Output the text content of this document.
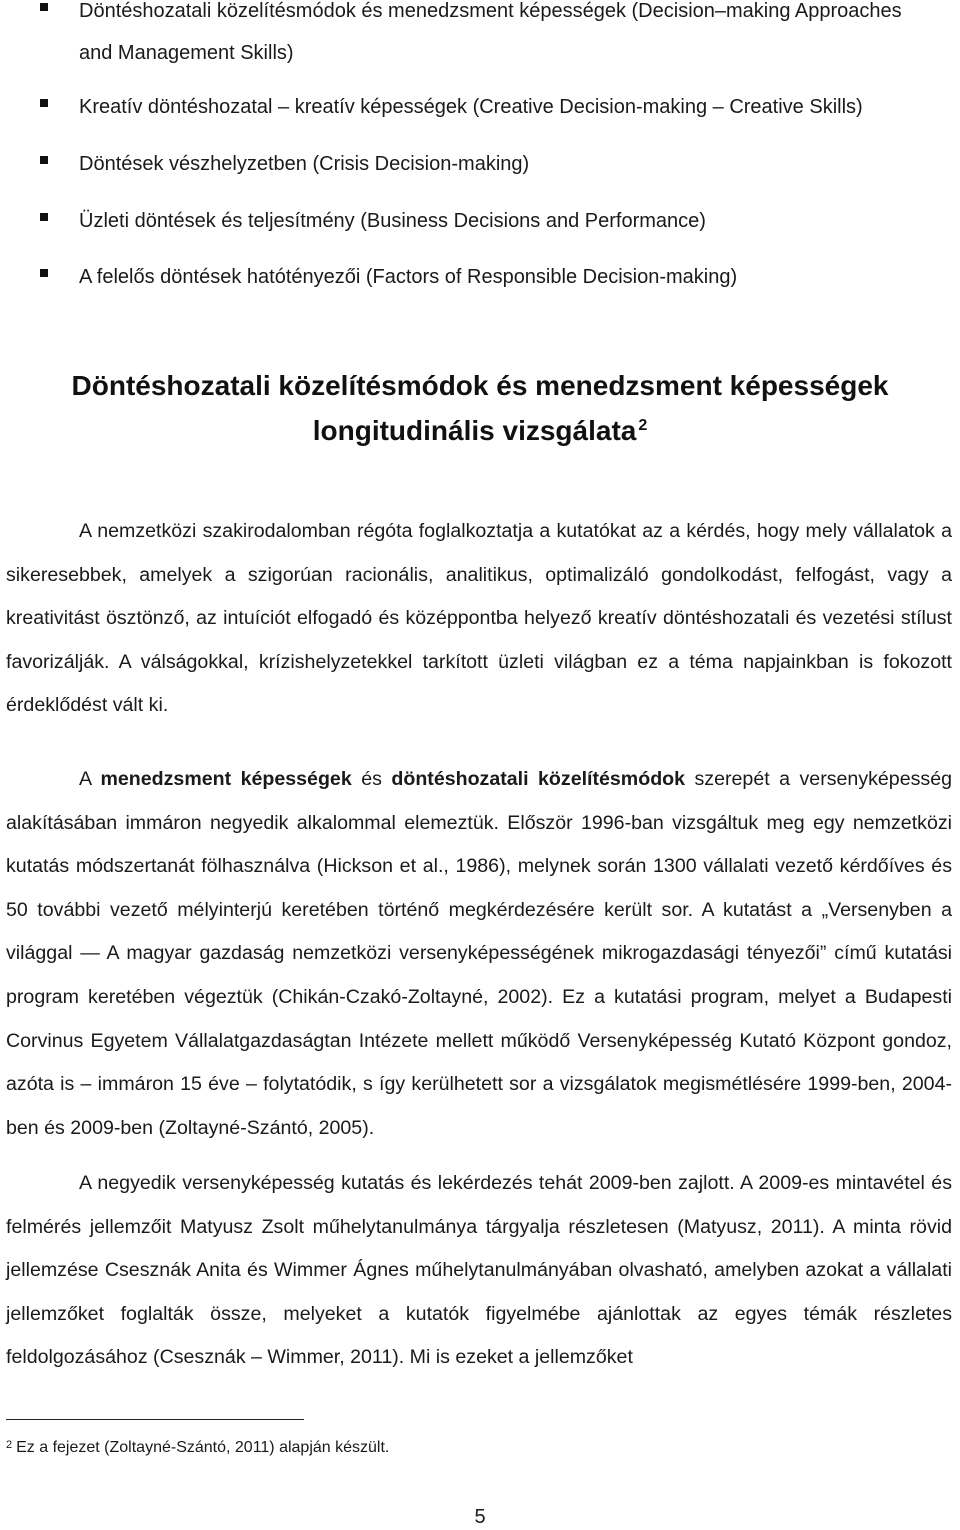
Döntéshozatali közelítésmódok és menedzsment képességek (Decision–making Approaches
and Management Skills)
Kreatív döntéshozatal – kreatív képességek (Creative Decision-making – Creative Skills)
Döntések vészhelyzetben (Crisis Decision-making)
Üzleti döntések és teljesítmény (Business Decisions and Performance)
A felelős döntések hatótényezői (Factors of Responsible Decision-making)
Döntéshozatali közelítésmódok és menedzsment képességek
longitudinális vizsgálata $^2$

A nemzetközi szakirodalomban régóta foglalkoztatja a kutatókat az a kérdés, hogy mely vállalatok a sikeresebbek, amelyek a szigorúan racionális, analitikus, optimalizáló gondolkodást, felfogást, vagy a kreativitást ösztönző, az intuíciót elfogadó és középpontba helyező kreatív döntéshozatali és vezetési stílust favorizálják. A válságokkal, krízishelyzetekkel tarkított üzleti világban ez a téma napjainkban is fokozott érdeklődést vált ki.

A menedzsment képességek és döntéshozatali közelítésmódok szerepét a versenyképesség alakításában immáron negyedik alkalommal elemeztük. Először 1996-ban vizsgáltuk meg egy nemzetközi kutatás módszertanát fölhasználva (Hickson et al., 1986), melynek során 1300 vállalati vezető kérdőíves és 50 további vezető mélyinterjú keretében történő megkérdezésére került sor. A kutatást a „Versenyben a világgal ― A magyar gazdaság nemzetközi versenyképességének mikrogazdasági tényezői” című kutatási program keretében végeztük (Chikán-Czakó-Zoltayné, 2002). Ez a kutatási program, melyet a Budapesti Corvinus Egyetem Vállalatgazdaságtan Intézete mellett működő Versenyképesség Kutató Központ gondoz, azóta is – immáron 15 éve – folytatódik, s így kerülhetett sor a vizsgálatok megismétlésére 1999-ben, 2004-ben és 2009-ben (Zoltayné-Szántó, 2005).

A negyedik versenyképesség kutatás és lekérdezés tehát 2009-ben zajlott. A 2009-es mintavétel és felmérés jellemzőit Matyusz Zsolt műhelytanulmánya tárgyalja részletesen (Matyusz, 2011). A minta rövid jellemzése Csesznák Anita és Wimmer Ágnes műhelytanulmányában olvasható, amelyben azokat a vállalati jellemzőket foglalták össze, melyeket a kutatók figyelmébe ajánlottak az egyes témák részletes feldolgozásához (Csesznák – Wimmer, 2011). Mi is ezeket a jellemzőket

$^2$ Ez a fejezet (Zoltayné-Szántó, 2011) alapján készült.
5
